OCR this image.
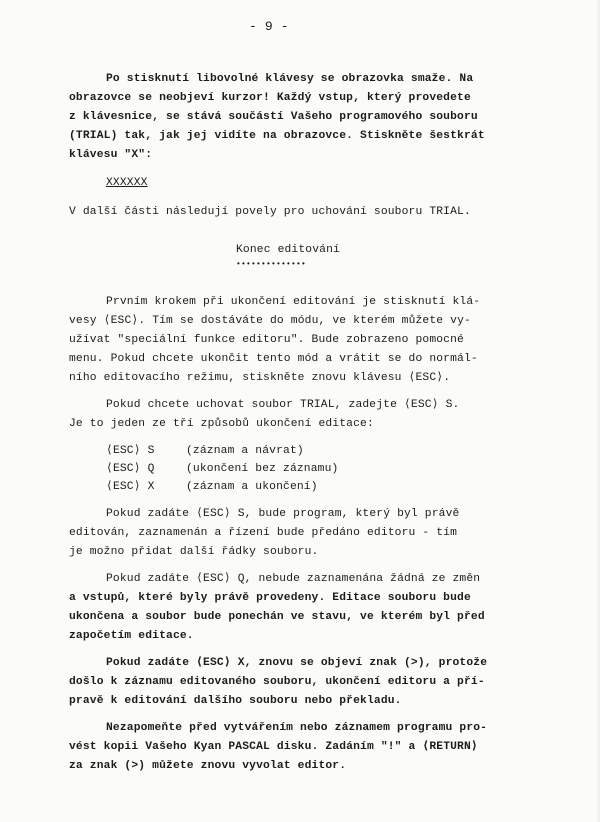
- 9 -
Po stisknutí libovolné klávesy se obrazovka smaže. Na
obrazovce se neobjeví kurzor! Každý vstup, který provedete
z klávesnice, se stává součástí Vašeho programového souboru
(TRIAL) tak, jak jej vidíte na obrazovce. Stiskněte šestkrát
klávesu "X":
XXXXXX
V další části následují povely pro uchování souboru TRIAL.
Konec editování
••••••••••••••
Prvním krokem při ukončení editování je stisknutí klá-
vesy ⟨ESC⟩. Tím se dostáváte do módu, ve kterém můžete vy-
užívat "speciální funkce editoru". Bude zobrazeno pomocné
menu. Pokud chcete ukončit tento mód a vrátit se do normál-
ního editovacího režimu, stiskněte znovu klávesu ⟨ESC⟩.
Pokud chcete uchovat soubor TRIAL, zadejte ⟨ESC⟩ S.
Je to jeden ze tří způsobů ukončení editace:
⟨ESC⟩ S	(záznam a návrat)
⟨ESC⟩ Q	(ukončení bez záznamu)
⟨ESC⟩ X	(záznam a ukončení)
Pokud zadáte ⟨ESC⟩ S, bude program, který byl právě
editován, zaznamenán a řízení bude předáno editoru - tím
je možno přidat další řádky souboru.
Pokud zadáte ⟨ESC⟩ Q, nebude zaznamenána žádná ze změn
a vstupů, které byly právě provedeny. Editace souboru bude
ukončena a soubor bude ponechán ve stavu, ve kterém byl před
započetím editace.
Pokud zadáte ⟨ESC⟩ X, znovu se objeví znak (>), protože
došlo k záznamu editovaného souboru, ukončení editoru a pří-
pravě k editování dalšího souboru nebo překladu.
Nezapomeňte před vytvářením nebo záznamem programu pro-
vést kopii Vašeho Kyan PASCAL disku. Zadáním "!" a ⟨RETURN⟩
za znak (>) můžete znovu vyvolat editor.
